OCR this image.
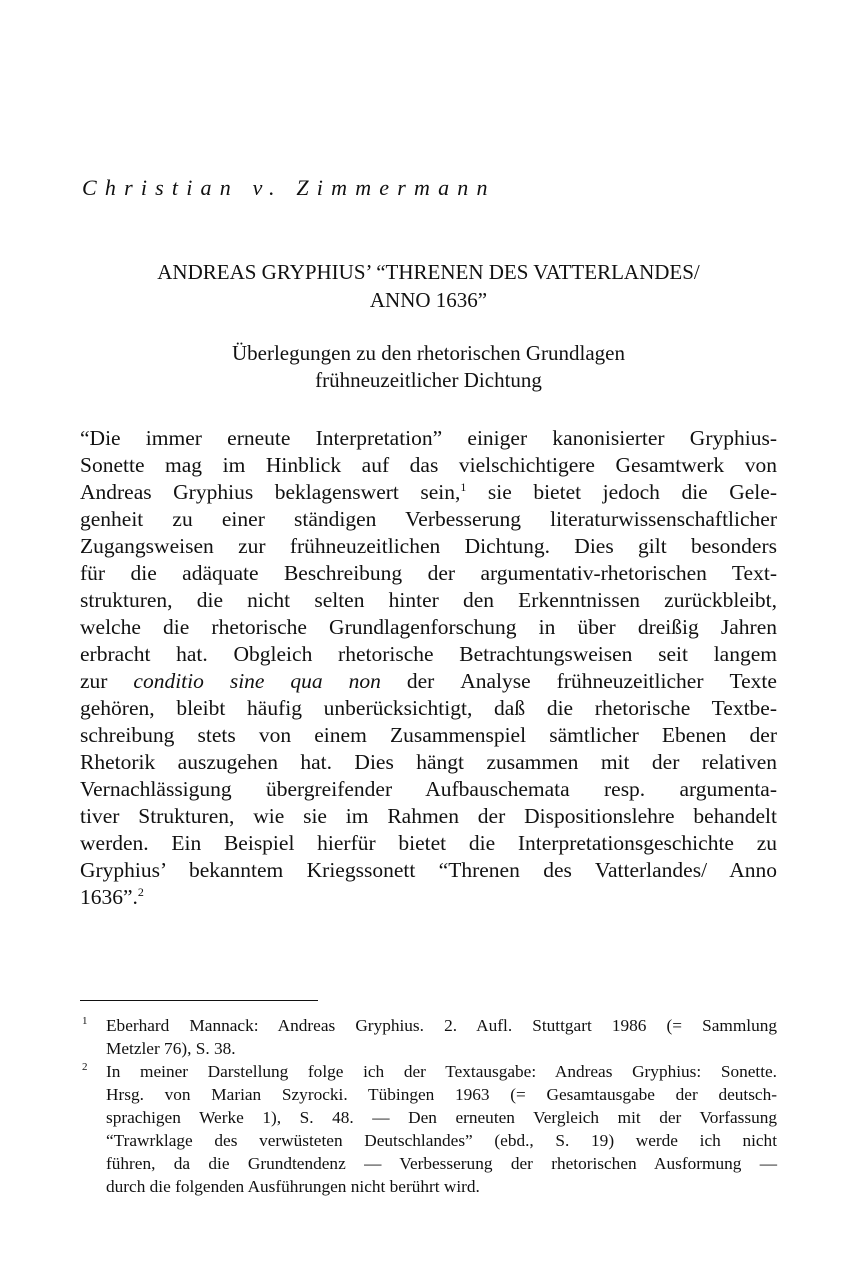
Christian v. Zimmermann
ANDREAS GRYPHIUS’ “THRENEN DES VATTERLANDES/
ANNO 1636”
Überlegungen zu den rhetorischen Grundlagen
frühneuzeitlicher Dichtung
“Die immer erneute Interpretation” einiger kanonisierter Gryphius-
Sonette mag im Hinblick auf das vielschichtigere Gesamtwerk von
Andreas Gryphius beklagenswert sein,$^1$ sie bietet jedoch die Gele-
genheit zu einer ständigen Verbesserung literaturwissenschaftlicher
Zugangsweisen zur frühneuzeitlichen Dichtung. Dies gilt besonders
für die adäquate Beschreibung der argumentativ-rhetorischen Text-
strukturen, die nicht selten hinter den Erkenntnissen zurückbleibt,
welche die rhetorische Grundlagenforschung in über dreißig Jahren
erbracht hat. Obgleich rhetorische Betrachtungsweisen seit langem
zur conditio sine qua non der Analyse frühneuzeitlicher Texte
gehören, bleibt häufig unberücksichtigt, daß die rhetorische Textbe-
schreibung stets von einem Zusammenspiel sämtlicher Ebenen der
Rhetorik auszugehen hat. Dies hängt zusammen mit der relativen
Vernachlässigung übergreifender Aufbauschemata resp. argumenta-
tiver Strukturen, wie sie im Rahmen der Dispositionslehre behandelt
werden. Ein Beispiel hierfür bietet die Interpretationsgeschichte zu
Gryphius’ bekanntem Kriegssonett “Threnen des Vatterlandes/ Anno
1636”.$^2$
1	Eberhard Mannack: Andreas Gryphius. 2. Aufl. Stuttgart 1986 (= Sammlung
Metzler 76), S. 38.
2	In meiner Darstellung folge ich der Textausgabe: Andreas Gryphius: Sonette.
Hrsg. von Marian Szyrocki. Tübingen 1963 (= Gesamtausgabe der deutsch-
sprachigen Werke 1), S. 48. — Den erneuten Vergleich mit der Vorfassung
“Trawrklage des verwüsteten Deutschlandes” (ebd., S. 19) werde ich nicht
führen, da die Grundtendenz — Verbesserung der rhetorischen Ausformung —
durch die folgenden Ausführungen nicht berührt wird.
